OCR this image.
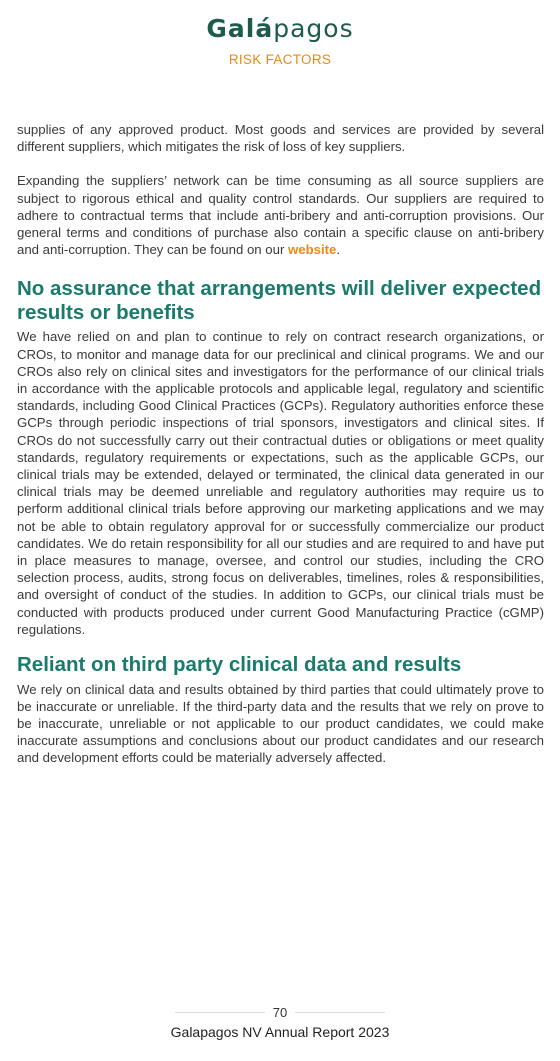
Galápagos
RISK FACTORS

supplies of any approved product. Most goods and services are provided by several different suppliers, which mitigates the risk of loss of key suppliers.

Expanding the suppliers’ network can be time consuming as all source suppliers are subject to rigorous ethical and quality control standards. Our suppliers are required to adhere to contractual terms that include anti-bribery and anti-corruption provisions. Our general terms and conditions of purchase also contain a specific clause on anti-bribery and anti-corruption. They can be found on our website.

No assurance that arrangements will deliver expected results or benefits

We have relied on and plan to continue to rely on contract research organizations, or CROs, to monitor and manage data for our preclinical and clinical programs. We and our CROs also rely on clinical sites and investigators for the performance of our clinical trials in accordance with the applicable protocols and applicable legal, regulatory and scientific standards, including Good Clinical Practices (GCPs). Regulatory authorities enforce these GCPs through periodic inspections of trial sponsors, investigators and clinical sites. If CROs do not successfully carry out their contractual duties or obligations or meet quality standards, regulatory requirements or expectations, such as the applicable GCPs, our clinical trials may be extended, delayed or terminated, the clinical data generated in our clinical trials may be deemed unreliable and regulatory authorities may require us to perform additional clinical trials before approving our marketing applications and we may not be able to obtain regulatory approval for or successfully commercialize our product candidates. We do retain responsibility for all our studies and are required to and have put in place measures to manage, oversee, and control our studies, including the CRO selection process, audits, strong focus on deliverables, timelines, roles & responsibilities, and oversight of conduct of the studies. In addition to GCPs, our clinical trials must be conducted with products produced under current Good Manufacturing Practice (cGMP) regulations.

Reliant on third party clinical data and results

We rely on clinical data and results obtained by third parties that could ultimately prove to be inaccurate or unreliable. If the third-party data and the results that we rely on prove to be inaccurate, unreliable or not applicable to our product candidates, we could make inaccurate assumptions and conclusions about our product candidates and our research and development efforts could be materially adversely affected.

70
Galapagos NV Annual Report 2023
